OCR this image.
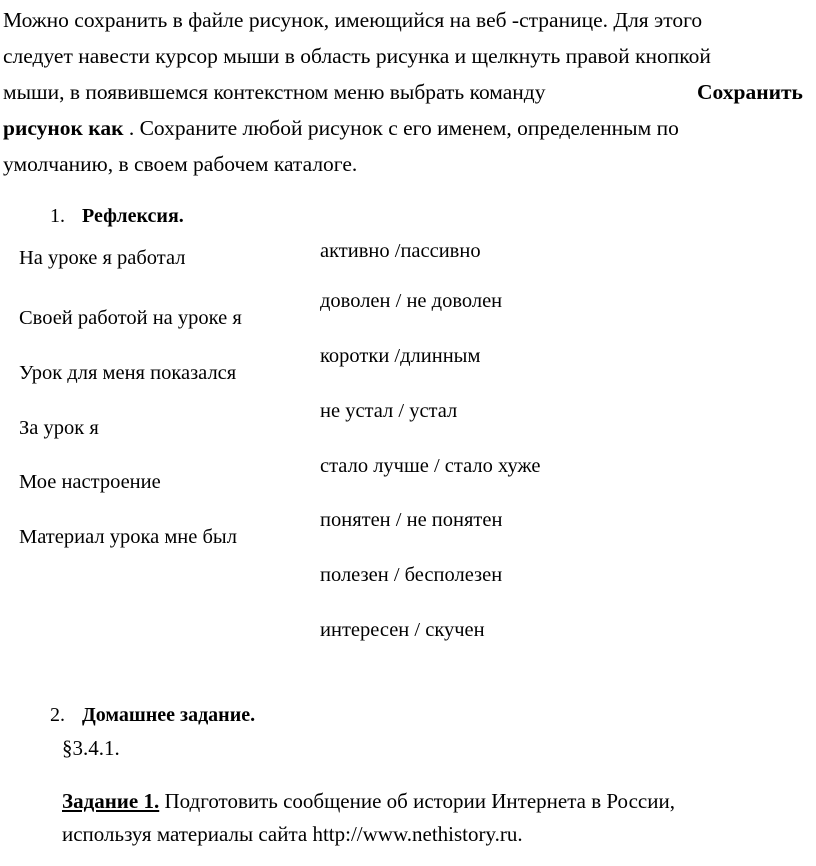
Можно сохранить в файле рисунок, имеющийся на веб -странице. Для этого
следует навести курсор мыши в область рисунка и щелкнуть правой кнопкой
мыши, в появившемся контекстном меню выбрать команду	Сохранить
рисунок как . Сохраните любой рисунок с его именем, определенным по
умолчанию, в своем рабочем каталоге.
1. Рефлексия.
На уроке я работал	активно /пассивно
Своей работой на уроке я
доволен / не доволен
Урок для меня показался
коротки /длинным
За урок я
не устал / устал
Мое настроение
стало лучше / стало хуже
Материал урока мне был
понятен / не понятен
полезен / бесполезен
интересен / скучен
2. Домашнее задание.
§3.4.1.
Задание 1. Подготовить сообщение об истории Интернета в России,
используя материалы сайта http://www.nethistory.ru.
